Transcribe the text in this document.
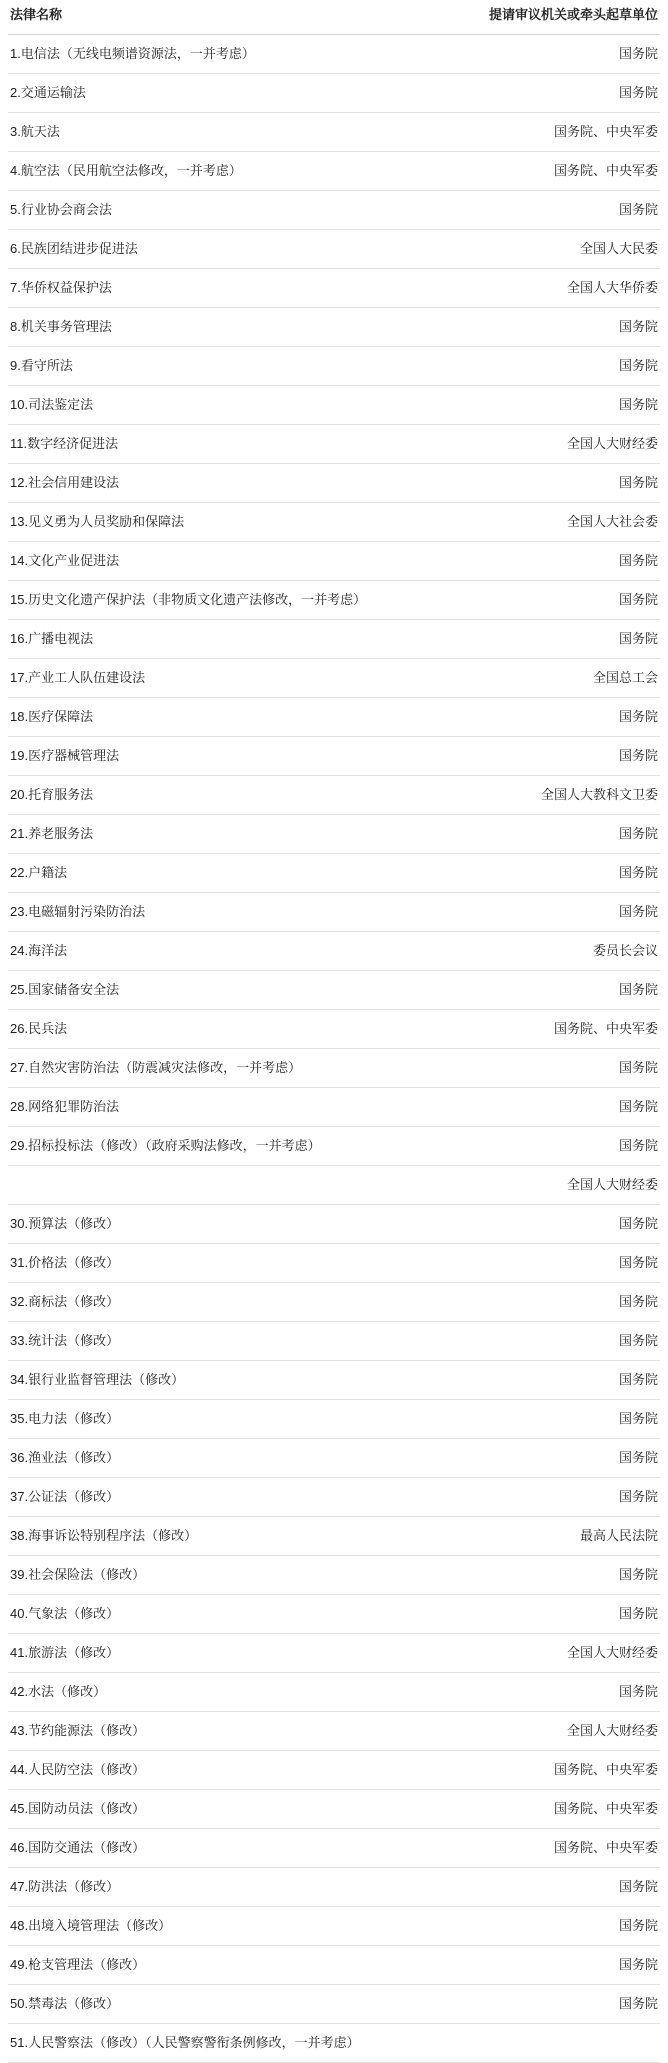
法律名称	提请审议机关或牵头起草单位
1.电信法（无线电频谱资源法，一并考虑）	国务院
2.交通运输法	国务院
3.航天法	国务院、中央军委
4.航空法（民用航空法修改，一并考虑）	国务院、中央军委
5.行业协会商会法	国务院
6.民族团结进步促进法	全国人大民委
7.华侨权益保护法	全国人大华侨委
8.机关事务管理法	国务院
9.看守所法	国务院
10.司法鉴定法	国务院
11.数字经济促进法	全国人大财经委
12.社会信用建设法	国务院
13.见义勇为人员奖励和保障法	全国人大社会委
14.文化产业促进法	国务院
15.历史文化遗产保护法（非物质文化遗产法修改，一并考虑）	国务院
16.广播电视法	国务院
17.产业工人队伍建设法	全国总工会
18.医疗保障法	国务院
19.医疗器械管理法	国务院
20.托育服务法	全国人大教科文卫委
21.养老服务法	国务院
22.户籍法	国务院
23.电磁辐射污染防治法	国务院
24.海洋法	委员长会议
25.国家储备安全法	国务院
26.民兵法	国务院、中央军委
27.自然灾害防治法（防震减灾法修改，一并考虑）	国务院
28.网络犯罪防治法	国务院
29.招标投标法（修改）（政府采购法修改，一并考虑）	国务院
	全国人大财经委
30.预算法（修改）	国务院
31.价格法（修改）	国务院
32.商标法（修改）	国务院
33.统计法（修改）	国务院
34.银行业监督管理法（修改）	国务院
35.电力法（修改）	国务院
36.渔业法（修改）	国务院
37.公证法（修改）	国务院
38.海事诉讼特别程序法（修改）	最高人民法院
39.社会保险法（修改）	国务院
40.气象法（修改）	国务院
41.旅游法（修改）	全国人大财经委
42.水法（修改）	国务院
43.节约能源法（修改）	全国人大财经委
44.人民防空法（修改）	国务院、中央军委
45.国防动员法（修改）	国务院、中央军委
46.国防交通法（修改）	国务院、中央军委
47.防洪法（修改）	国务院
48.出境入境管理法（修改）	国务院
49.枪支管理法（修改）	国务院
50.禁毒法（修改）	国务院
51.人民警察法（修改）（人民警察警衔条例修改，一并考虑）	
